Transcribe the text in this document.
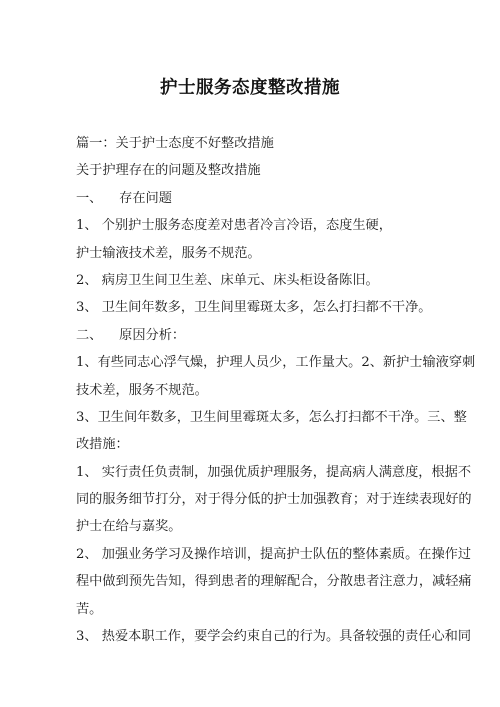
护士服务态度整改措施
篇一：关于护士态度不好整改措施
关于护理存在的问题及整改措施
一、    存在问题
1、 个别护士服务态度差对患者冷言冷语，态度生硬，
护士输液技术差，服务不规范。
2、 病房卫生间卫生差、床单元、床头柜设备陈旧。
3、 卫生间年数多，卫生间里霉斑太多，怎么打扫都不干净。
二、    原因分析：
1、有些同志心浮气燥，护理人员少，工作量大。2、新护士输液穿刺
技术差，服务不规范。
3、卫生间年数多，卫生间里霉斑太多，怎么打扫都不干净。三、整
改措施：
1、 实行责任负责制，加强优质护理服务，提高病人满意度，根据不
同的服务细节打分，对于得分低的护士加强教育；对于连续表现好的
护士在给与嘉奖。
2、 加强业务学习及操作培训，提高护士队伍的整体素质。在操作过
程中做到预先告知，得到患者的理解配合，分散患者注意力，减轻痛
苦。
3、 热爱本职工作，要学会约束自己的行为。具备较强的责任心和同
